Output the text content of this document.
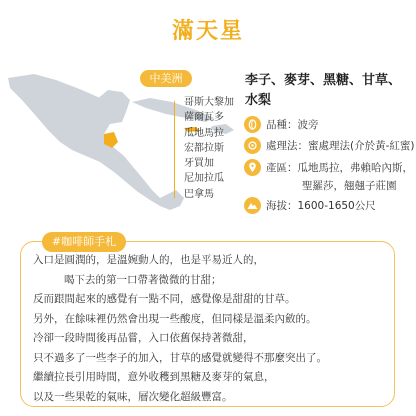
滿天星
中美洲
哥斯大黎加
薩爾瓦多
瓜地馬拉
宏都拉斯
牙買加
尼加拉瓜
巴拿馬
李子、麥芽、黑糖、甘草、
水梨
品種：波旁
處理法：蜜處理法(介於黃-紅蜜)
產區：瓜地馬拉，弗賴哈內斯，
聖羅莎，翹翹子莊園
海拔：1600-1650公尺
#咖啡師手札

入口是圓潤的，是溫婉動人的，也是平易近人的，

喝下去的第一口帶著微微的甘甜；

反而跟間起來的感覺有一點不同，感覺像是甜甜的甘草。

另外，在餘味裡仍然會出現一些酸度，但同樣是溫柔內斂的。

冷卻一段時間後再品嘗，入口依舊保持著微甜，

只不過多了一些李子的加入，甘草的感覺就變得不那麼突出了。

繼續拉長引用時間，意外收穫到黑糖及麥芽的氣息，

以及一些果乾的氣味，層次變化超級豐富。
